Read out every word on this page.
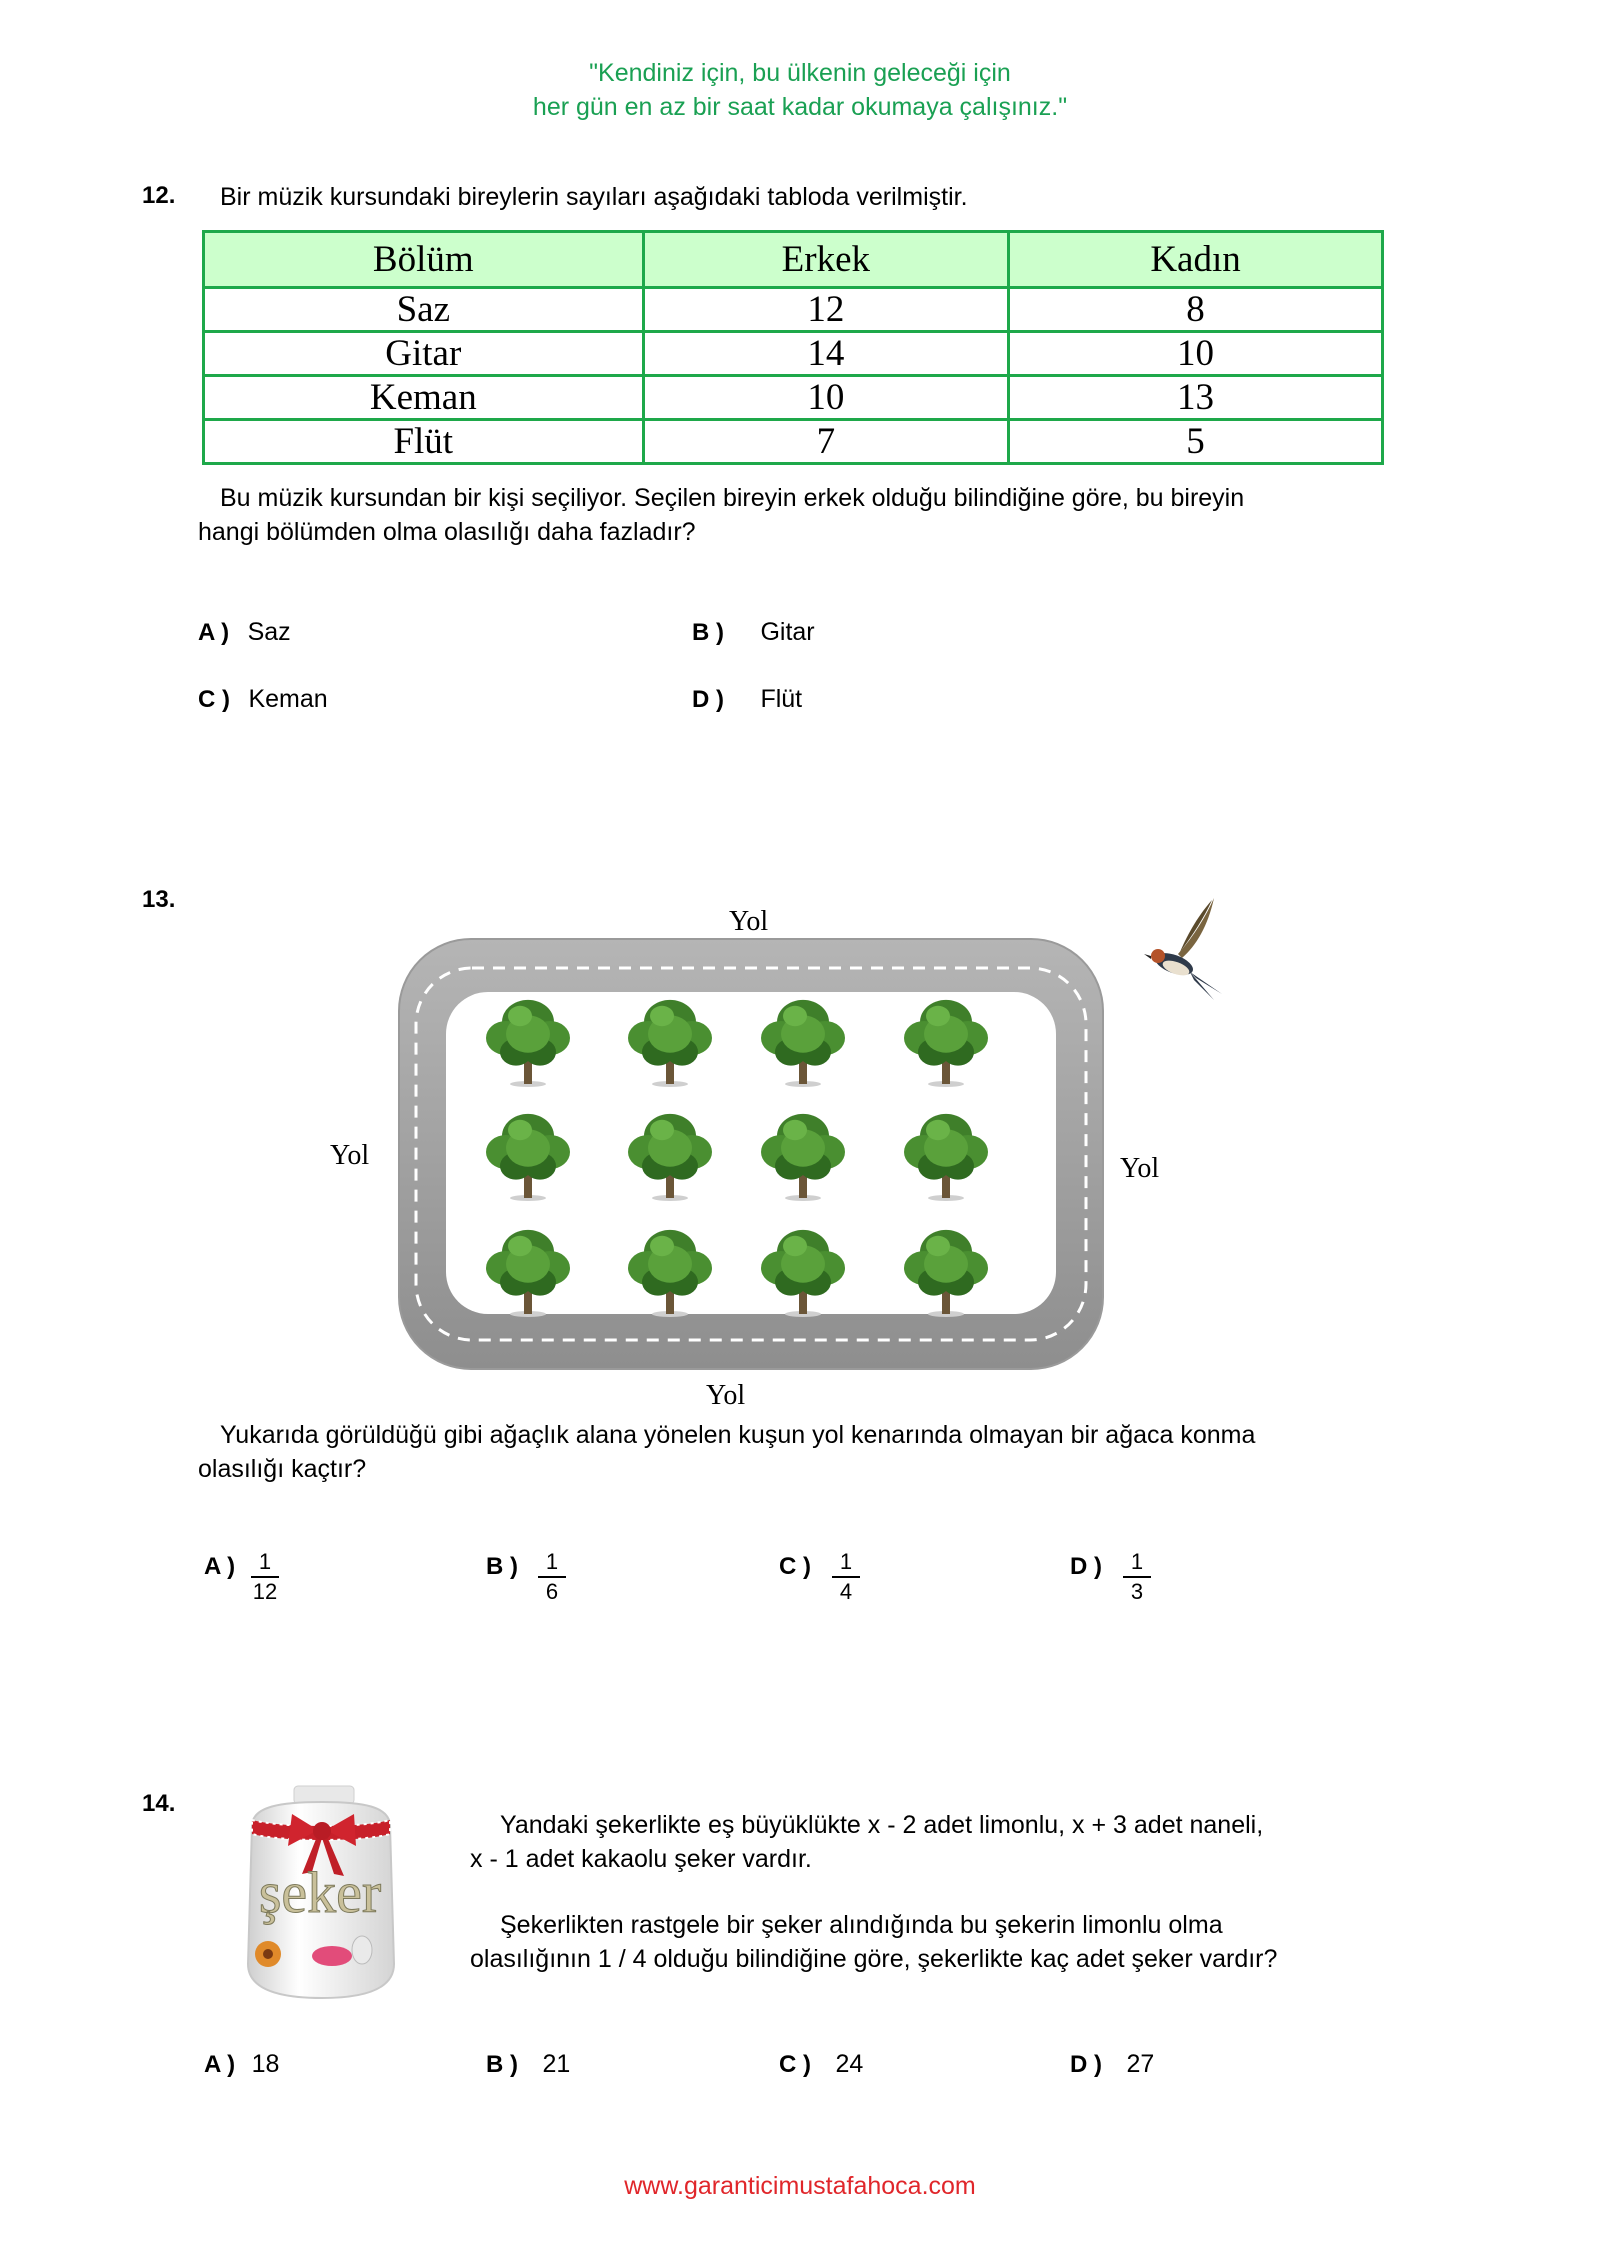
"Kendiniz için, bu ülkenin geleceği için
her gün en az bir saat kadar okumaya çalışınız."
12. Bir müzik kursundaki bireylerin sayıları aşağıdaki tabloda verilmiştir.
Bölüm	Erkek	Kadın
Saz	12	8
Gitar	14	10
Keman	10	13
Flüt	7	5
Bu müzik kursundan bir kişi seçiliyor. Seçilen bireyin erkek olduğu bilindiğine göre, bu bireyin
hangi bölümden olma olasılığı daha fazladır?
A ) Saz	B ) Gitar
C ) Keman	D ) Flüt
13.
Yol
Yol	Yol
Yol
Yukarıda görüldüğü gibi ağaçlık alana yönelen kuşun yol kenarında olmayan bir ağaca konma
olasılığı kaçtır?
A )	1
12
B )	1
6
C )	1
4
D )	1
3
14.
şeker
Yandaki şekerlikte eş büyüklükte x - 2 adet limonlu, x + 3 adet naneli,
x - 1 adet kakaolu şeker vardır.
Şekerlikten rastgele bir şeker alındığında bu şekerin limonlu olma
olasılığının 1 / 4 olduğu bilindiğine göre, şekerlikte kaç adet şeker vardır?
A ) 18	B ) 21	C ) 24	D ) 27
www.garanticimustafahoca.com
